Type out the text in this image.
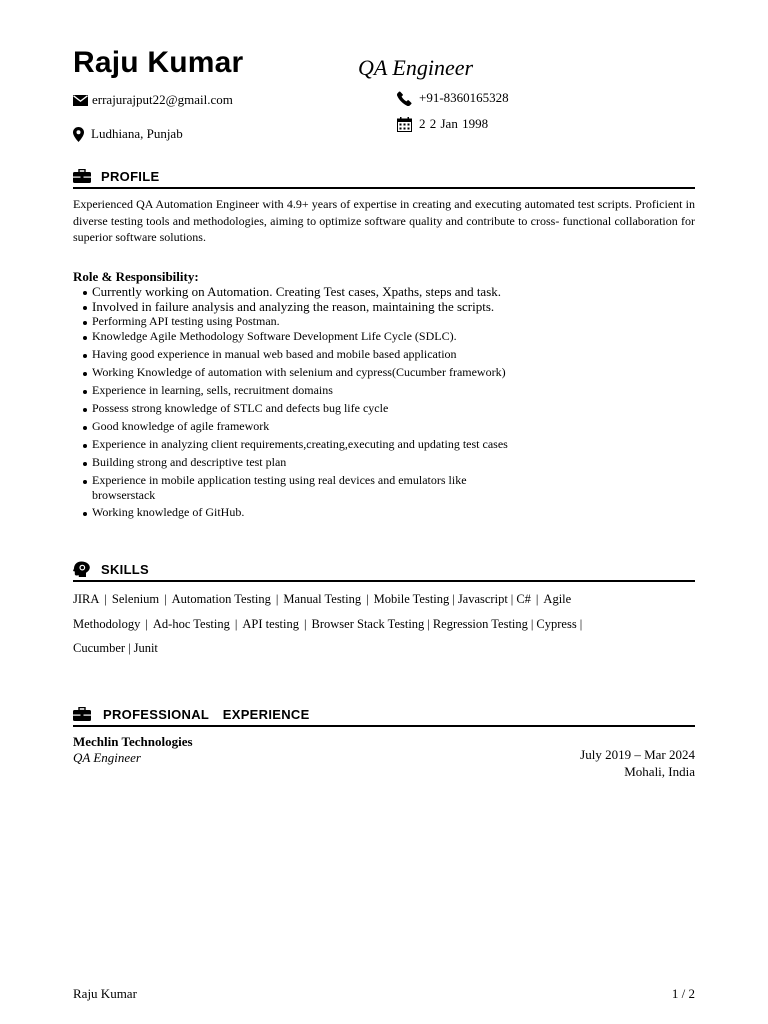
Raju Kumar	QA Engineer
errajurajput22@gmail.com
Ludhiana, Punjab
+91-8360165328
2 2 Jan 1998
PROFILE
Experienced QA Automation Engineer with 4.9+ years of expertise in creating and executing automated test scripts. Proficient in diverse testing tools and methodologies, aiming to optimize software quality and contribute to cross- functional collaboration for superior software solutions.
Role & Responsibility:
Currently working on Automation. Creating Test cases, Xpaths, steps and task.
Involved in failure analysis and analyzing the reason, maintaining the scripts.
Performing API testing using Postman.
Knowledge Agile Methodology Software Development Life Cycle (SDLC).
Having good experience in manual web based and mobile based application
Working Knowledge of automation with selenium and cypress(Cucumber framework)
Experience in learning, sells, recruitment domains
Possess strong knowledge of STLC and defects bug life cycle
Good knowledge of agile framework
Experience in analyzing client requirements,creating,executing and updating test cases
Building strong and descriptive test plan
Experience in mobile application testing using real devices and emulators like browserstack
Working knowledge of GitHub.
SKILLS
JIRA | Selenium | Automation Testing | Manual Testing | Mobile Testing | Javascript | C# | Agile Methodology | Ad-hoc Testing | API testing | Browser Stack Testing | Regression Testing | Cypress |
Cucumber | Junit
PROFESSIONAL  EXPERIENCE
Mechlin Technologies
QA Engineer	July 2019 – Mar 2024
Mohali, India
Raju Kumar	1 / 2
